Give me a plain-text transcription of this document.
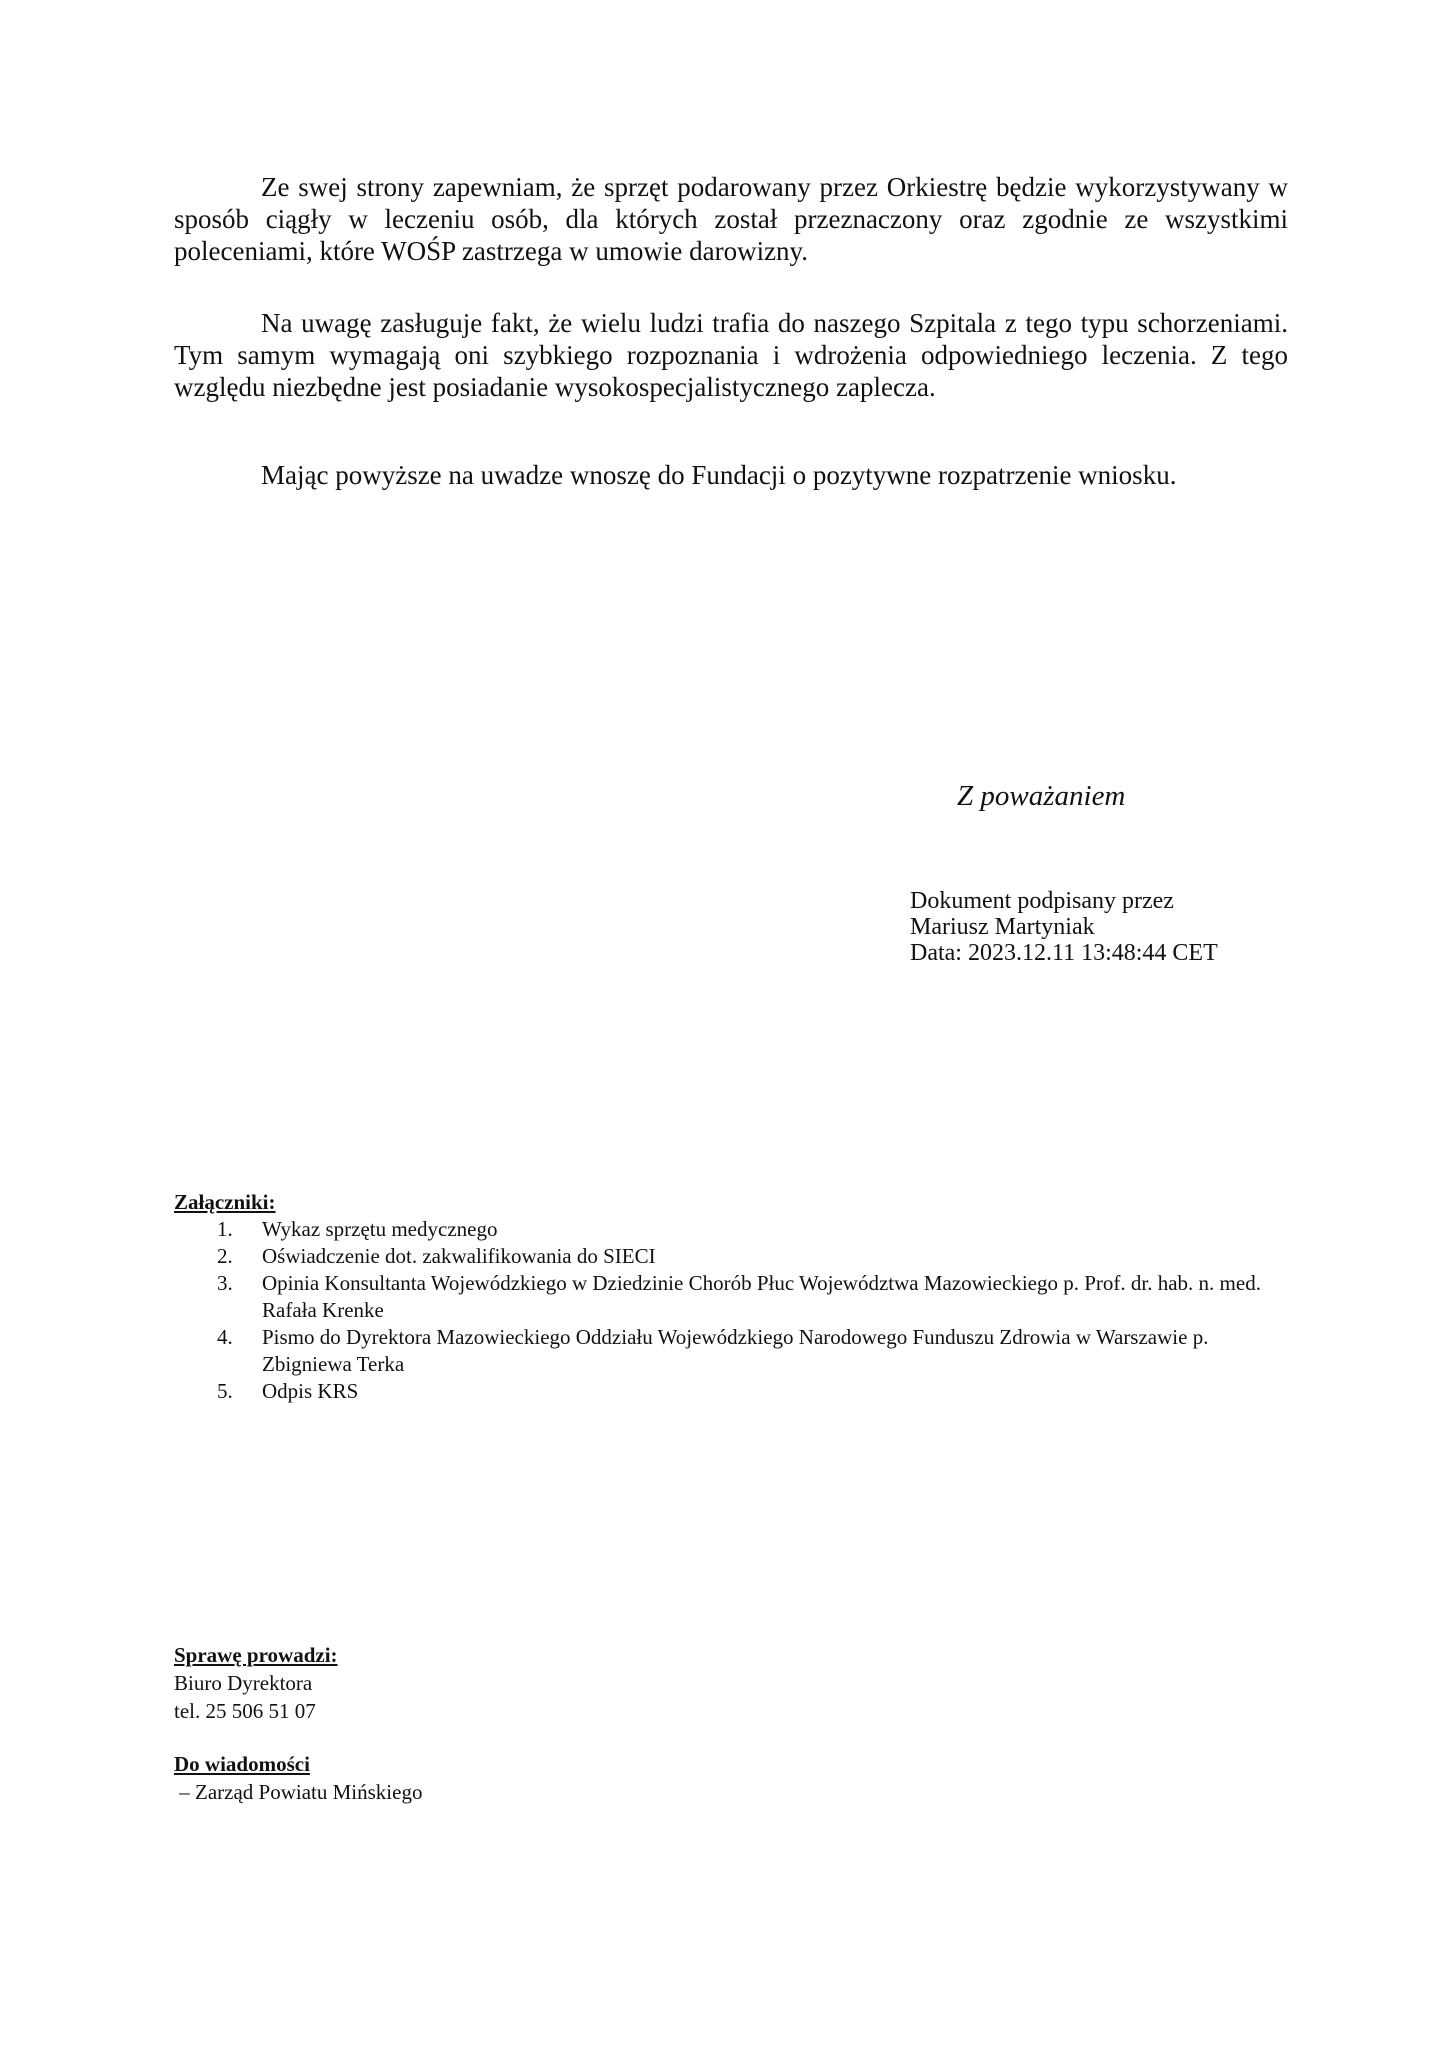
Ze swej strony zapewniam, że sprzęt podarowany przez Orkiestrę będzie wykorzystywany w sposób ciągły w leczeniu osób, dla których został przeznaczony oraz zgodnie ze wszystkimi poleceniami, które WOŚP zastrzega w umowie darowizny.

Na uwagę zasługuje fakt, że wielu ludzi trafia do naszego Szpitala z tego typu schorzeniami. Tym samym wymagają oni szybkiego rozpoznania i wdrożenia odpowiedniego leczenia. Z tego względu niezbędne jest posiadanie wysokospecjalistycznego zaplecza.

Mając powyższe na uwadze wnoszę do Fundacji o pozytywne rozpatrzenie wniosku.

Z poważaniem

Dokument podpisany przez
Mariusz Martyniak
Data: 2023.12.11 13:48:44 CET
Załączniki:
1.	Wykaz sprzętu medycznego
2.	Oświadczenie dot. zakwalifikowania do SIECI
3.	Opinia Konsultanta Wojewódzkiego w Dziedzinie Chorób Płuc Województwa Mazowieckiego p. Prof. dr. hab. n. med. Rafała Krenke
4.	Pismo do Dyrektora Mazowieckiego Oddziału Wojewódzkiego Narodowego Funduszu Zdrowia w Warszawie p. Zbigniewa Terka
5.	Odpis KRS
Sprawę prowadzi:
Biuro Dyrektora
tel. 25 506 51 07
Do wiadomości
– Zarząd Powiatu Mińskiego
